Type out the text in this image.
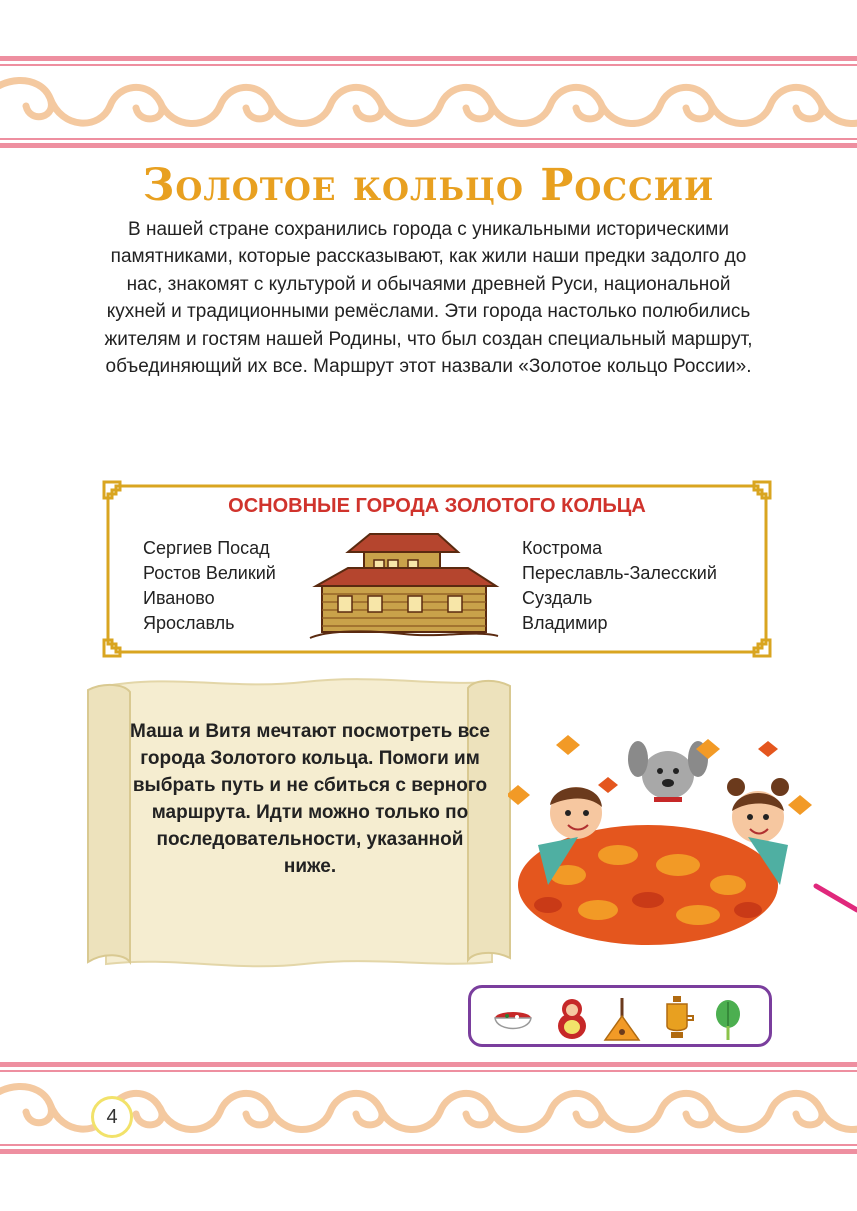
Золотое кольцо России

В нашей стране сохранились города с уникальными историческими памятниками, которые рассказывают, как жили наши предки задолго до нас, знакомят с культурой и обычаями древней Руси, национальной кухней и традиционными ремёслами. Эти города настолько полюбились жителям и гостям нашей Родины, что был создан специальный маршрут, объединяющий их все. Маршрут этот назвали «Золотое кольцо России».

ОСНОВНЫЕ ГОРОДА ЗОЛОТОГО КОЛЬЦА

Сергиев Посад
Ростов Великий
Иваново
Ярославль
Кострома
Переславль-Залесский
Суздаль
Владимир

Маша и Витя мечтают посмотреть все города Золотого кольца. Помоги им выбрать путь и не сбиться с верного маршрута. Идти можно только по последовательности, указанной ниже.

4
